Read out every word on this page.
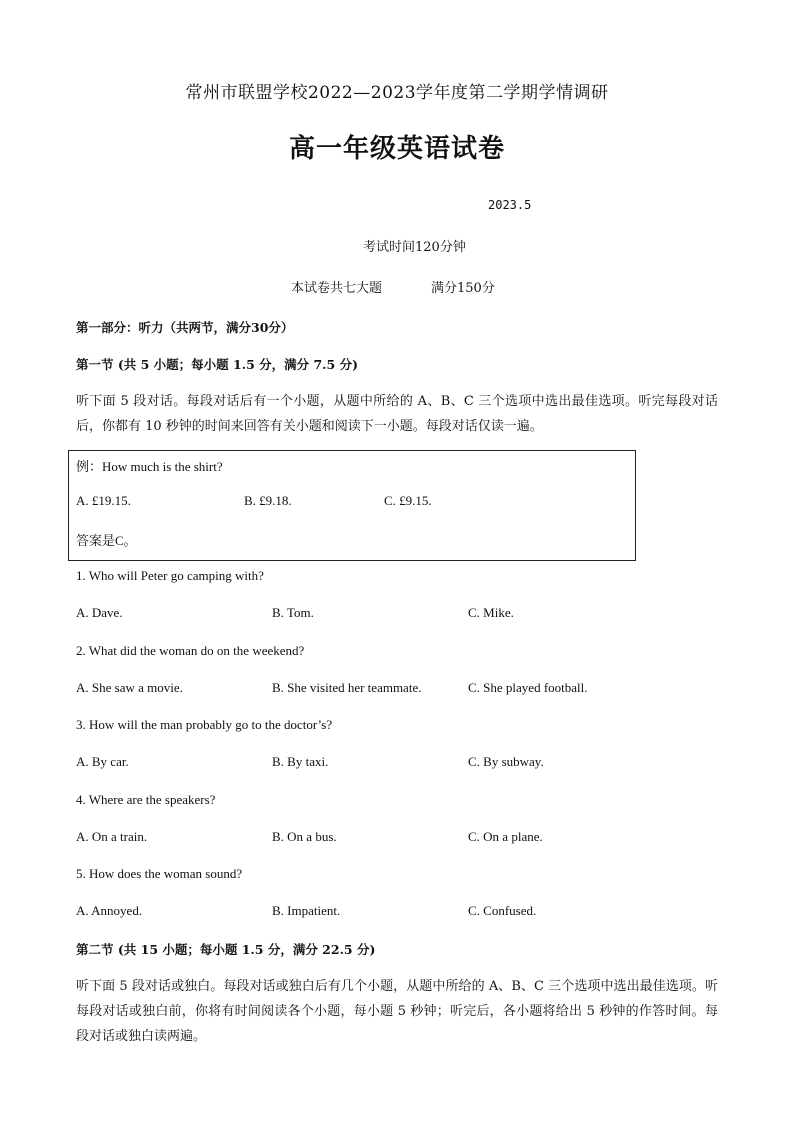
常州市联盟学校2022—2023学年度第二学期学情调研
高一年级英语试卷
2023.5
考试时间120分钟
本试卷共七大题	满分150分
第一部分：听力（共两节，满分30分）
第一节 (共 5 小题；每小题 1.5 分，满分 7.5 分)
听下面 5 段对话。每段对话后有一个小题，从题中所给的 A、B、C 三个选项中选出最佳选项。听完每段对话后，你都有 10 秒钟的时间来回答有关小题和阅读下一小题。每段对话仅读一遍。
例：How much is the shirt?
A. £19.15.	B. £9.18.	C. £9.15.
答案是C。
1. Who will Peter go camping with?
A. Dave.	B. Tom.	C. Mike.
2. What did the woman do on the weekend?
A. She saw a movie.	B. She visited her teammate.	C. She played football.
3. How will the man probably go to the doctor’s?
A. By car.	B. By taxi.	C. By subway.
4. Where are the speakers?
A. On a train.	B. On a bus.	C. On a plane.
5. How does the woman sound?
A. Annoyed.	B. Impatient.	C. Confused.
第二节 (共 15 小题；每小题 1.5 分，满分 22.5 分)
听下面 5 段对话或独白。每段对话或独白后有几个小题，从题中所给的 A、B、C 三个选项中选出最佳选项。听每段对话或独白前，你将有时间阅读各个小题，每小题 5 秒钟；听完后，各小题将给出 5 秒钟的作答时间。每段对话或独白读两遍。
